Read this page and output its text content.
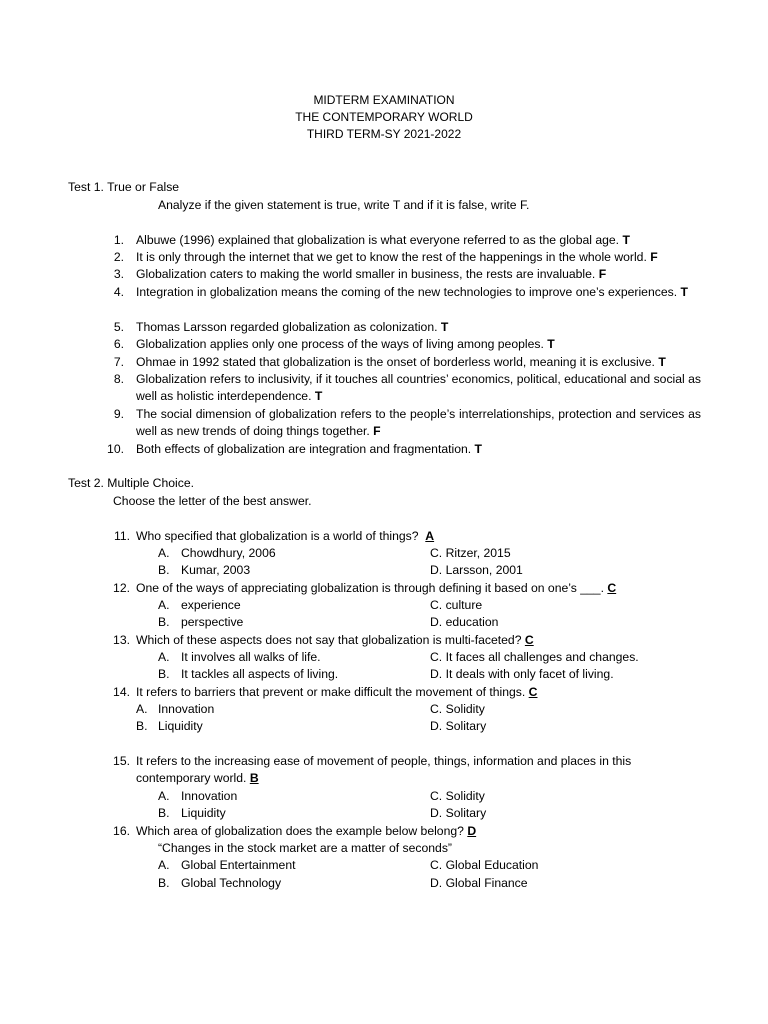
MIDTERM EXAMINATION
THE CONTEMPORARY WORLD
THIRD TERM-SY 2021-2022
Test 1. True or False
Analyze if the given statement is true, write T and if it is false, write F.
1. Albuwe (1996) explained that globalization is what everyone referred to as the global age. T
2. It is only through the internet that we get to know the rest of the happenings in the whole world. F
3. Globalization caters to making the world smaller in business, the rests are invaluable. F
4. Integration in globalization means the coming of the new technologies to improve one’s experiences. T
5. Thomas Larsson regarded globalization as colonization. T
6. Globalization applies only one process of the ways of living among peoples. T
7. Ohmae in 1992 stated that globalization is the onset of borderless world, meaning it is exclusive. T
8. Globalization refers to inclusivity, if it touches all countries’ economics, political, educational and social as well as holistic interdependence. T
9. The social dimension of globalization refers to the people’s interrelationships, protection and services as well as new trends of doing things together. F
10. Both effects of globalization are integration and fragmentation. T
Test 2. Multiple Choice.
Choose the letter of the best answer.
11. Who specified that globalization is a world of things? A
A. Chowdhury, 2006
B. Kumar, 2003
C. Ritzer, 2015
D. Larsson, 2001
12. One of the ways of appreciating globalization is through defining it based on one’s ___. C
A. experience
B. perspective
C. culture
D. education
13. Which of these aspects does not say that globalization is multi-faceted? C
A. It involves all walks of life.
B. It tackles all aspects of living.
C. It faces all challenges and changes.
D. It deals with only facet of living.
14. It refers to barriers that prevent or make difficult the movement of things. C
A. Innovation
B. Liquidity
C. Solidity
D. Solitary
15. It refers to the increasing ease of movement of people, things, information and places in this
contemporary world. B
A. Innovation
B. Liquidity
C. Solidity
D. Solitary
16. Which area of globalization does the example below belong? D
“Changes in the stock market are a matter of seconds”
A. Global Entertainment
B. Global Technology
C. Global Education
D. Global Finance
